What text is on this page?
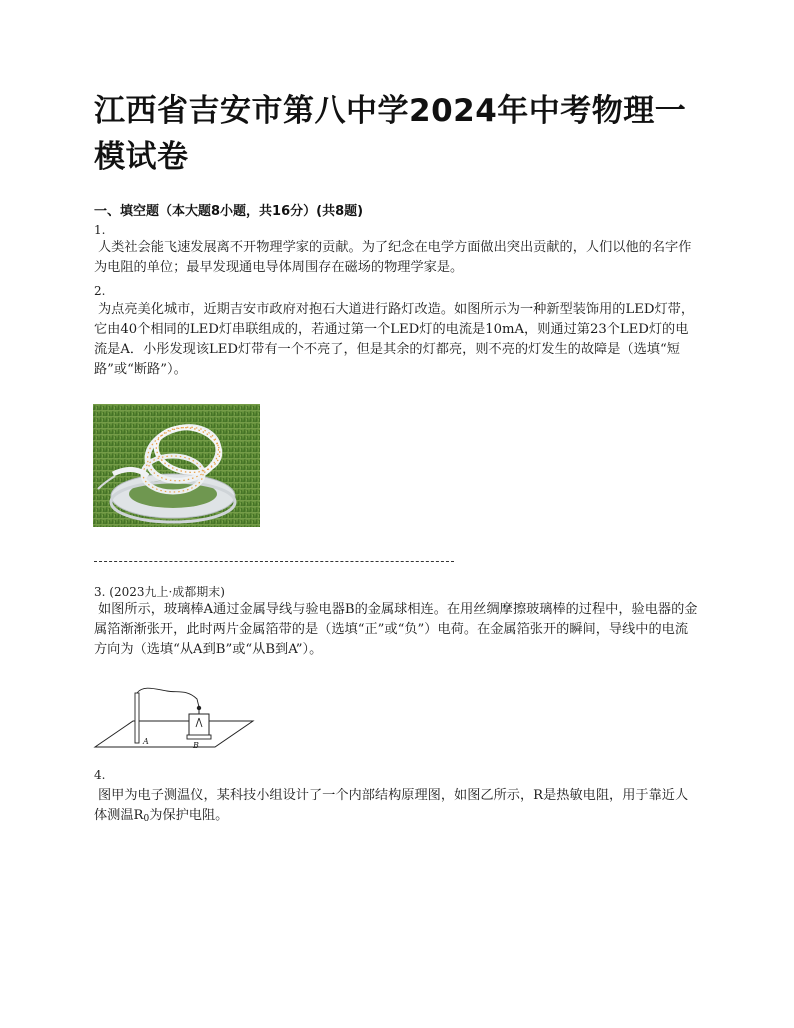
江西省吉安市第八中学2024年中考物理一模试卷
一、填空题（本大题8小题，共16分）(共8题)
1.
人类社会能飞速发展离不开物理学家的贡献。为了纪念在电学方面做出突出贡献的，人们以他的名字作为电阻的单位；最早发现通电导体周围存在磁场的物理学家是。
2.
为点亮美化城市，近期吉安市政府对抱石大道进行路灯改造。如图所示为一种新型装饰用的LED灯带，它由40个相同的LED灯串联组成的，若通过第一个LED灯的电流是10mA，则通过第23个LED灯的电流是A．小彤发现该LED灯带有一个不亮了，但是其余的灯都亮，则不亮的灯发生的故障是（选填“短路”或“断路”）。
3. (2023九上·成都期末)
如图所示，玻璃棒A通过金属导线与验电器B的金属球相连。在用丝绸摩擦玻璃棒的过程中，验电器的金属箔渐渐张开，此时两片金属箔带的是（选填“正”或“负”）电荷。在金属箔张开的瞬间，导线中的电流方向为（选填“从A到B”或“从B到A”）。
A	B
4.
图甲为电子测温仪，某科技小组设计了一个内部结构原理图，如图乙所示，R是热敏电阻，用于靠近人体测温$R_0$为保护电阻。
